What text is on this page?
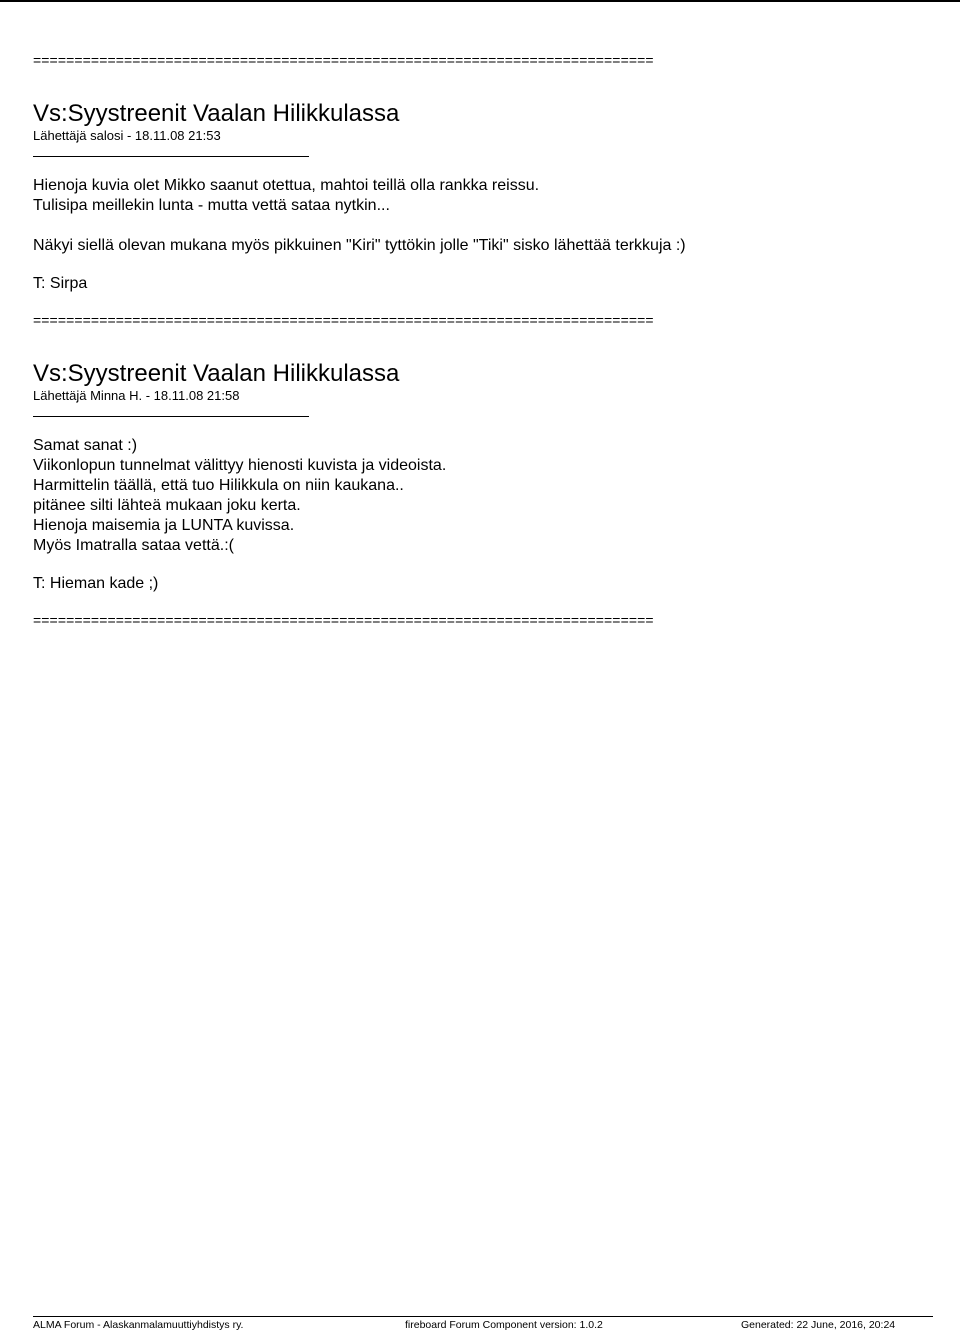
===========================================================================
Vs:Syystreenit Vaalan Hilikkulassa
Lähettäjä salosi - 18.11.08 21:53

Hienoja kuvia olet Mikko saanut otettua, mahtoi teillä olla rankka reissu.

Tulisipa meillekin lunta - mutta vettä sataa nytkin...

Näkyi siellä olevan mukana myös pikkuinen "Kiri" tyttökin jolle "Tiki" sisko lähettää terkkuja :)

T: Sirpa
===========================================================================
Vs:Syystreenit Vaalan Hilikkulassa
Lähettäjä Minna H. - 18.11.08 21:58

Samat sanat :)

Viikonlopun tunnelmat välittyy hienosti kuvista ja videoista.

Harmittelin täällä, että tuo Hilikkula on niin kaukana..

pitänee silti lähteä mukaan joku kerta.

Hienoja maisemia ja LUNTA kuvissa.

Myös Imatralla sataa vettä.:(

T: Hieman kade ;)
===========================================================================
ALMA Forum - Alaskanmalamuuttiyhdistys ry.	fireboard Forum Component version: 1.0.2	Generated: 22 June, 2016, 20:24
